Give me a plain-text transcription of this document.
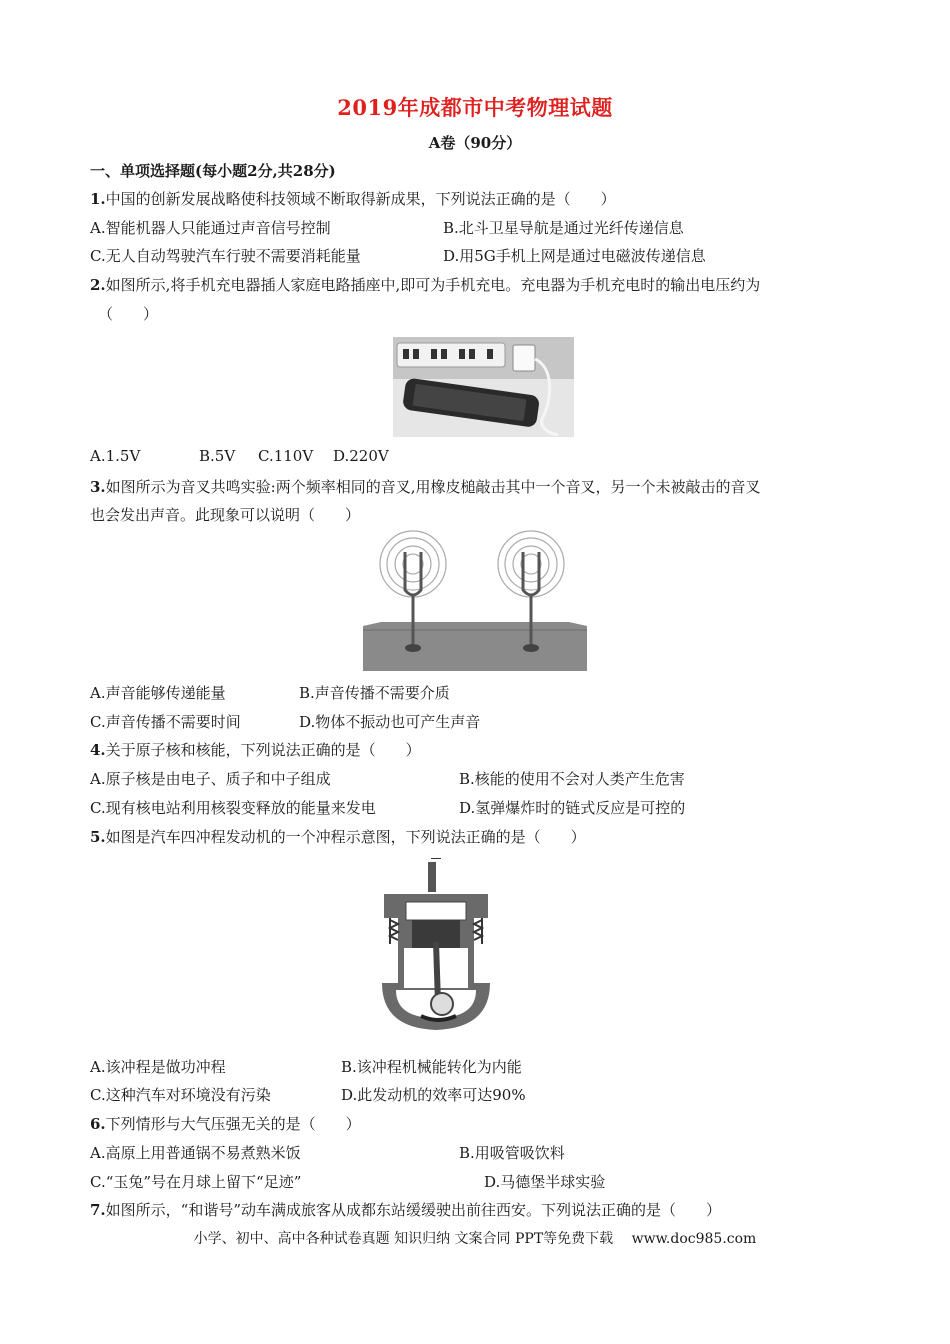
2019年成都市中考物理试题
A卷（90分）
一、单项选择题(每小题2分,共28分)
1.中国的创新发展战略使科技领域不断取得新成果，下列说法正确的是（　　）
A.智能机器人只能通过声音信号控制	B.北斗卫星导航是通过光纤传递信息
C.无人自动驾驶汽车行驶不需要消耗能量	D.用5G手机上网是通过电磁波传递信息
2.如图所示,将手机充电器插人家庭电路插座中,即可为手机充电。充电器为手机充电时的输出电压约为
（　　）
A.1.5V	B.5V C.110V D.220V
3.如图所示为音叉共鸣实验:两个频率相同的音叉,用橡皮槌敲击其中一个音叉，另一个未被敲击的音叉
也会发出声音。此现象可以说明（　　）
A.声音能够传递能量	B.声音传播不需要介质
C.声音传播不需要时间	D.物体不振动也可产生声音
4.关于原子核和核能，下列说法正确的是（　　）
A.原子核是由电子、质子和中子组成	B.核能的使用不会对人类产生危害
C.现有核电站利用核裂变释放的能量来发电	D.氢弹爆炸时的链式反应是可控的
5.如图是汽车四冲程发动机的一个冲程示意图，下列说法正确的是（　　）
A.该冲程是做功冲程	B.该冲程机械能转化为内能
C.这种汽车对环境没有污染	D.此发动机的效率可达90%
6.下列情形与大气压强无关的是（　　）
A.高原上用普通锅不易煮熟米饭	B.用吸管吸饮料
C.“玉兔”号在月球上留下“足迹”	D.马德堡半球实验
7.如图所示，“和谐号”动车满成旅客从成都东站缓缓驶出前往西安。下列说法正确的是（　　）
小学、初中、高中各种试卷真题 知识归纳 文案合同 PPT等免费下载　 www.doc985.com
